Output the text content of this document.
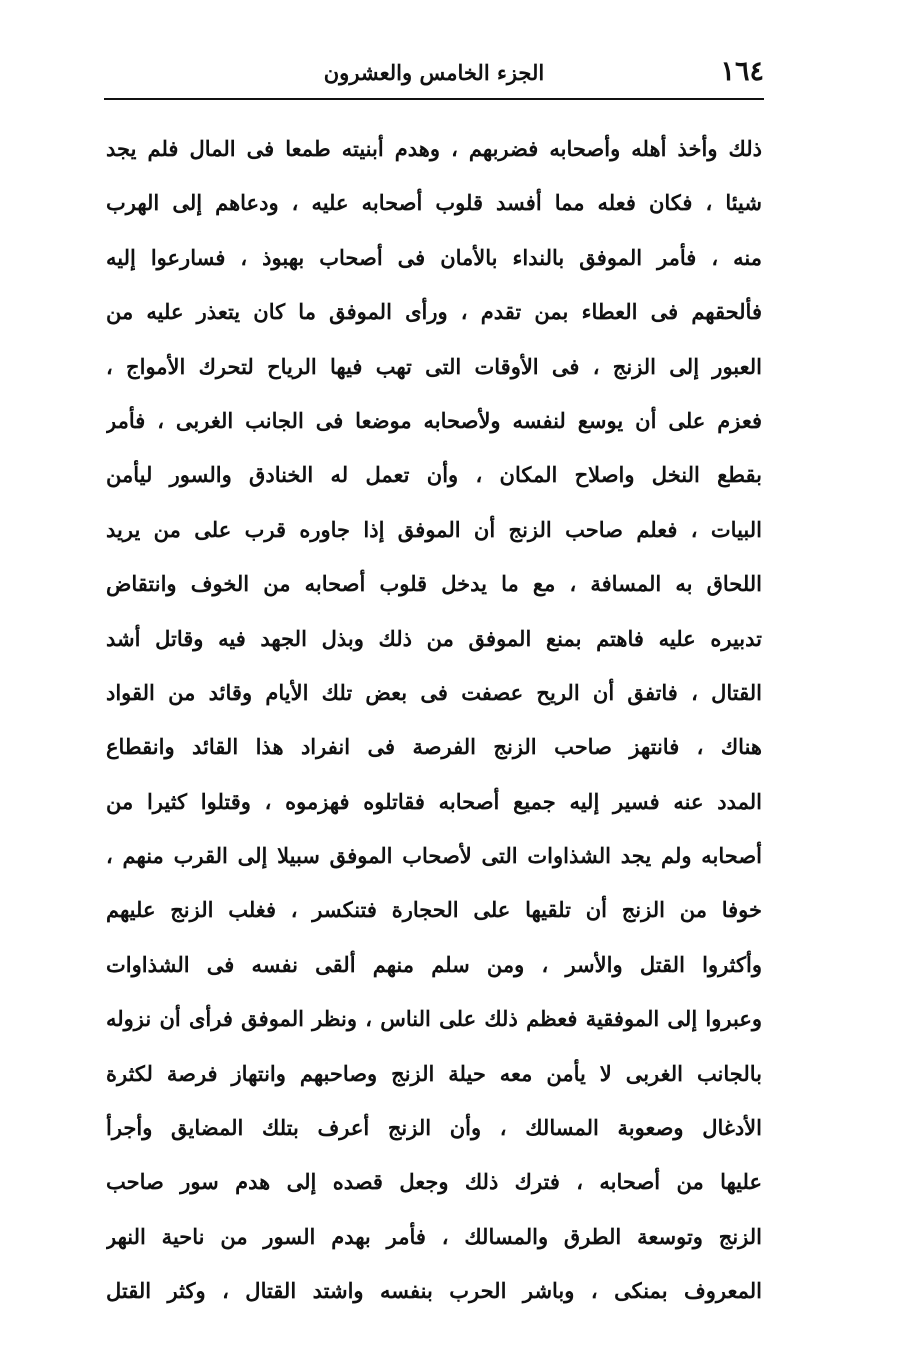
١٦٤
الجزء الخامس والعشرون
ذلك وأخذ أهله وأصحابه فضربهم ، وهدم أبنيته طمعا فى المال فلم يجد
شيئا ، فكان فعله مما أفسد قلوب أصحابه عليه ، ودعاهم إلى الهرب
منه ، فأمر الموفق بالنداء بالأمان فى أصحاب بهبوذ ، فسارعوا إليه
فألحقهم فى العطاء بمن تقدم ، ورأى الموفق ما كان يتعذر عليه من
العبور إلى الزنج ، فى الأوقات التى تهب فيها الرياح لتحرك الأمواج ،
فعزم على أن يوسع لنفسه ولأصحابه موضعا فى الجانب الغربى ، فأمر
بقطع النخل واصلاح المكان ، وأن تعمل له الخنادق والسور ليأمن
البيات ، فعلم صاحب الزنج أن الموفق إذا جاوره قرب على من يريد
اللحاق به المسافة ، مع ما يدخل قلوب أصحابه من الخوف وانتقاض
تدبيره عليه فاهتم بمنع الموفق من ذلك وبذل الجهد فيه وقاتل أشد
القتال ، فاتفق أن الريح عصفت فى بعض تلك الأيام وقائد من القواد
هناك ، فانتهز صاحب الزنج الفرصة فى انفراد هذا القائد وانقطاع
المدد عنه فسير إليه جميع أصحابه فقاتلوه فهزموه ، وقتلوا كثيرا من
أصحابه ولم يجد الشذاوات التى لأصحاب الموفق سبيلا إلى القرب منهم ،
خوفا من الزنج أن تلقيها على الحجارة فتنكسر ، فغلب الزنج عليهم
وأكثروا القتل والأسر ، ومن سلم منهم ألقى نفسه فى الشذاوات
وعبروا إلى الموفقية فعظم ذلك على الناس ، ونظر الموفق فرأى أن نزوله
بالجانب الغربى لا يأمن معه حيلة الزنج وصاحبهم وانتهاز فرصة لكثرة
الأدغال وصعوبة المسالك ، وأن الزنج أعرف بتلك المضايق وأجرأ
عليها من أصحابه ، فترك ذلك وجعل قصده إلى هدم سور صاحب
الزنج وتوسعة الطرق والمسالك ، فأمر بهدم السور من ناحية النهر
المعروف بمنكى ، وباشر الحرب بنفسه واشتد القتال ، وكثر القتل
